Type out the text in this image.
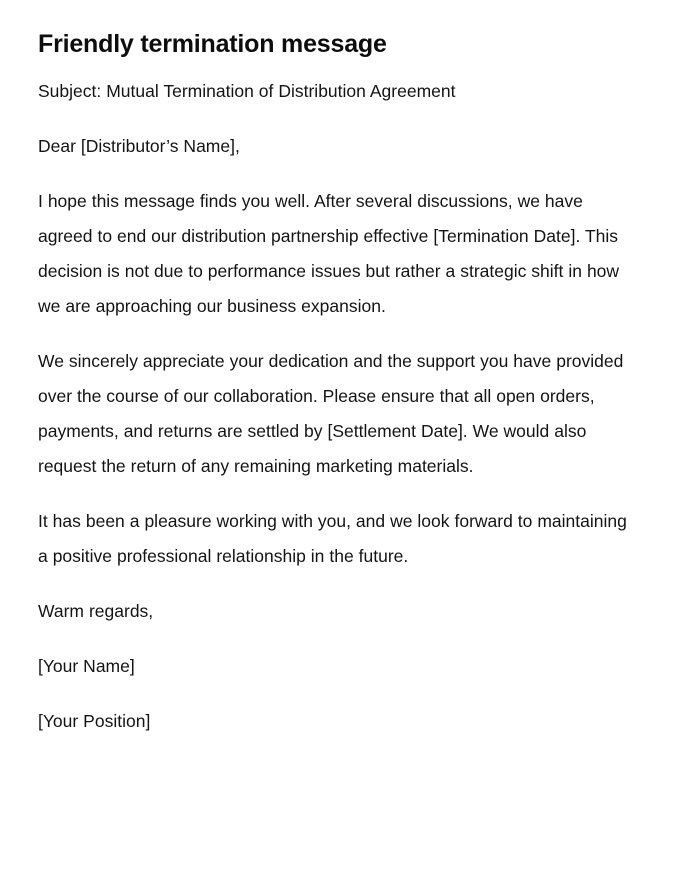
Friendly termination message

Subject: Mutual Termination of Distribution Agreement

Dear [Distributor’s Name],

I hope this message finds you well. After several discussions, we have agreed to end our distribution partnership effective [Termination Date]. This decision is not due to performance issues but rather a strategic shift in how we are approaching our business expansion.

We sincerely appreciate your dedication and the support you have provided over the course of our collaboration. Please ensure that all open orders, payments, and returns are settled by [Settlement Date]. We would also request the return of any remaining marketing materials.

It has been a pleasure working with you, and we look forward to maintaining a positive professional relationship in the future.

Warm regards,

[Your Name]

[Your Position]
